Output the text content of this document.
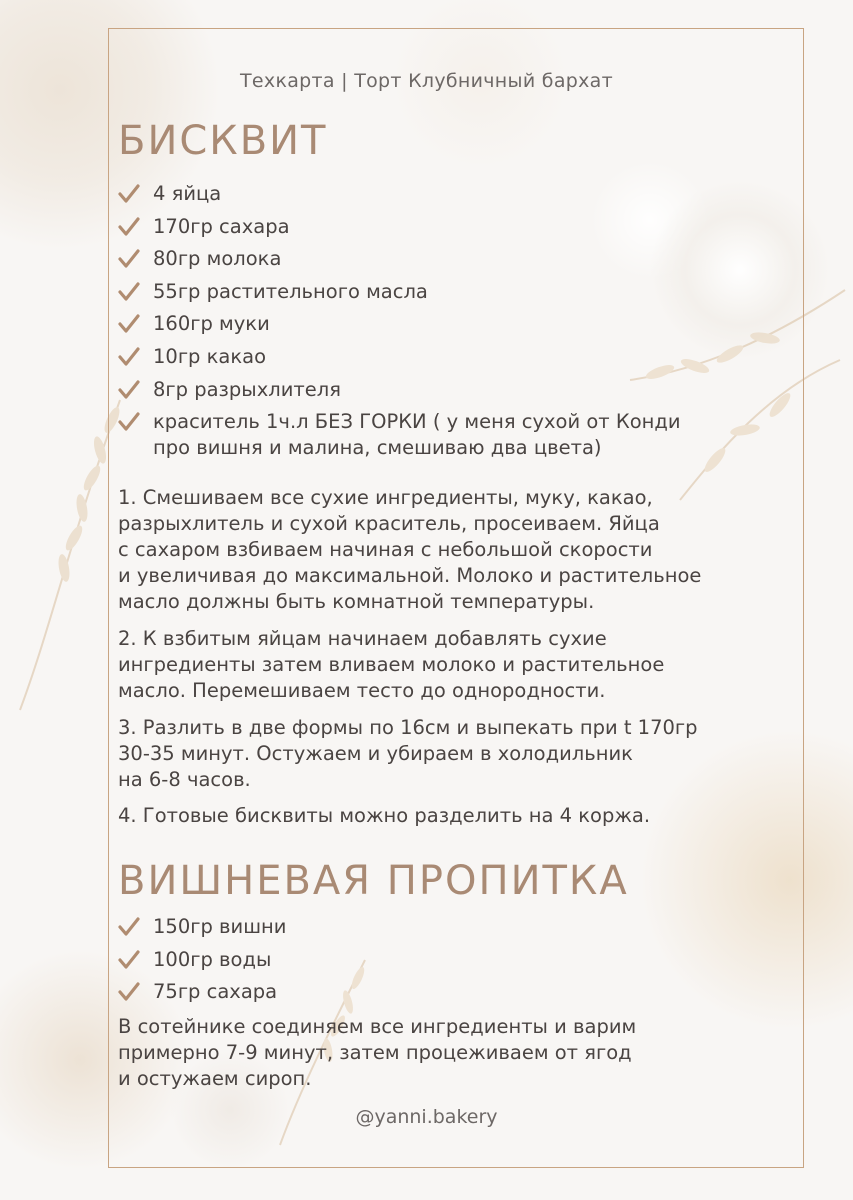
Техкарта | Торт Клубничный бархат
БИСКВИТ
4 яйца
170гр сахара
80гр молока
55гр растительного масла
160гр муки
10гр какао
8гр разрыхлителя
краситель 1ч.л БЕЗ ГОРКИ ( у меня сухой от Конди
про вишня и малина, смешиваю два цвета)

1. Смешиваем все сухие ингредиенты, муку, какао,
разрыхлитель и сухой краситель, просеиваем. Яйца
с сахаром взбиваем начиная с небольшой скорости
и увеличивая до максимальной. Молоко и растительное
масло должны быть комнатной температуры.

2. К взбитым яйцам начинаем добавлять сухие
ингредиенты затем вливаем молоко и растительное
масло. Перемешиваем тесто до однородности.

3. Разлить в две формы по 16см и выпекать при t 170гр
30-35 минут. Остужаем и убираем в холодильник
на 6-8 часов.

4. Готовые бисквиты можно разделить на 4 коржа.

ВИШНЕВАЯ ПРОПИТКА
150гр вишни
100гр воды
75гр сахара

В сотейнике соединяем все ингредиенты и варим
примерно 7-9 минут, затем процеживаем от ягод
и остужаем сироп.

@yanni.bakery
